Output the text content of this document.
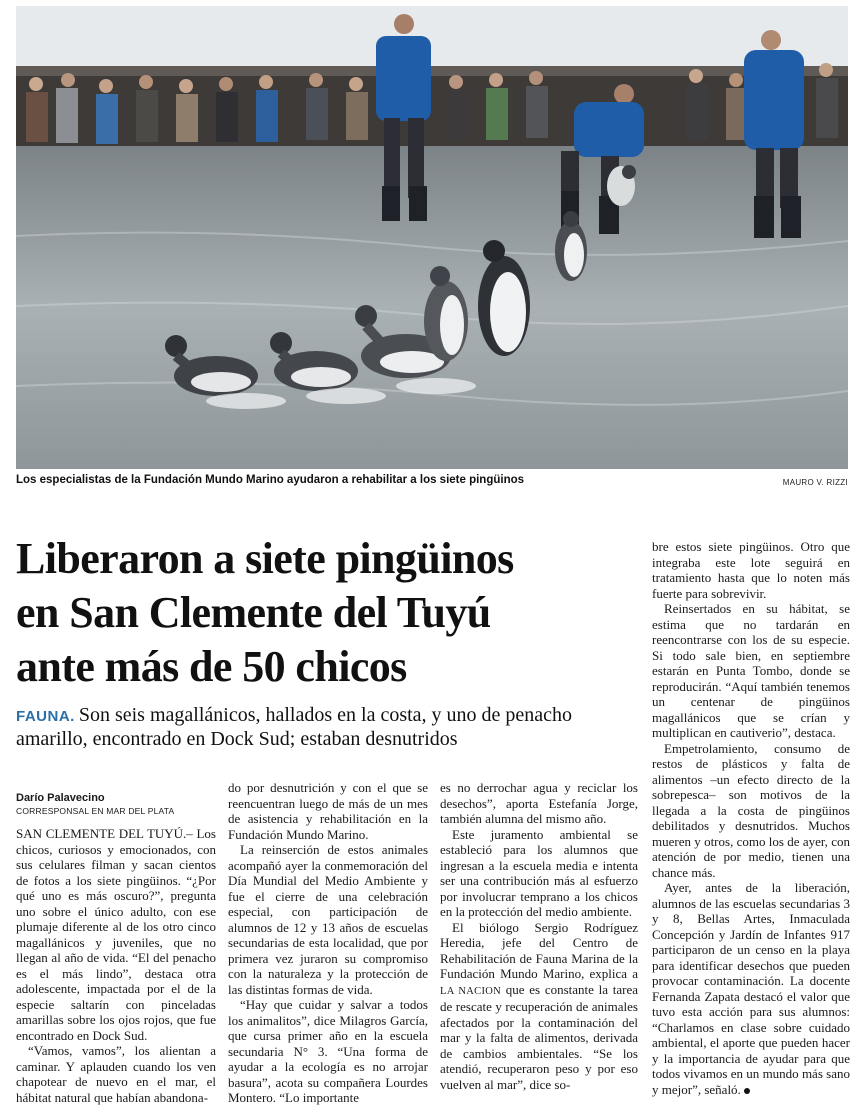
Los especialistas de la Fundación Mundo Marino ayudaron a rehabilitar a los siete pingüinos	MAURO V. RIZZI
Liberaron a siete pingüinos
en San Clemente del Tuyú
ante más de 50 chicos

FAUNA. Son seis magallánicos, hallados en la costa, y uno de penacho amarillo, encontrado en Dock Sud; estaban desnutridos

Darío Palavecino
CORRESPONSAL EN MAR DEL PLATA

SAN CLEMENTE DEL TUYÚ.– Los chicos, curiosos y emocionados, con sus celulares filman y sacan cientos de fotos a los siete pingüinos. “¿Por qué uno es más oscuro?”, pregunta uno sobre el único adulto, con ese plumaje diferente al de los otro cinco magallánicos y juveniles, que no llegan al año de vida. “El del penacho es el más lindo”, destaca otra adolescente, impactada por el de la especie saltarín con pinceladas amarillas sobre los ojos rojos, que fue encontrado en Dock Sud.

“Vamos, vamos”, los alientan a caminar. Y aplauden cuando los ven chapotear de nuevo en el mar, el hábitat natural que habían abandona-

do por desnutrición y con el que se reencuentran luego de más de un mes de asistencia y rehabilitación en la Fundación Mundo Marino.

La reinserción de estos animales acompañó ayer la conmemoración del Día Mundial del Medio Ambiente y fue el cierre de una celebración especial, con participación de alumnos de 12 y 13 años de escuelas secundarias de esta localidad, que por primera vez juraron su compromiso con la naturaleza y la protección de las distintas formas de vida.

“Hay que cuidar y salvar a todos los animalitos”, dice Milagros García, que cursa primer año en la escuela secundaria N° 3. “Una forma de ayudar a la ecología es no arrojar basura”, acota su compañera Lourdes Montero. “Lo importante

es no derrochar agua y reciclar los desechos”, aporta Estefanía Jorge, también alumna del mismo año.

Este juramento ambiental se estableció para los alumnos que ingresan a la escuela media e intenta ser una contribución más al esfuerzo por involucrar temprano a los chicos en la protección del medio ambiente.

El biólogo Sergio Rodríguez Heredia, jefe del Centro de Rehabilitación de Fauna Marina de la Fundación Mundo Marino, explica a LA NACION que es constante la tarea de rescate y recuperación de animales afectados por la contaminación del mar y la falta de alimentos, derivada de cambios ambientales. “Se los atendió, recuperaron peso y por eso vuelven al mar”, dice so-

bre estos siete pingüinos. Otro que integraba este lote seguirá en tratamiento hasta que lo noten más fuerte para sobrevivir.

Reinsertados en su hábitat, se estima que no tardarán en reencontrarse con los de su especie. Si todo sale bien, en septiembre estarán en Punta Tombo, donde se reproducirán. “Aquí también tenemos un centenar de pingüinos magallánicos que se crían y multiplican en cautiverio”, destaca.

Empetrolamiento, consumo de restos de plásticos y falta de alimentos –un efecto directo de la sobrepesca– son motivos de la llegada a la costa de pingüinos debilitados y desnutridos. Muchos mueren y otros, como los de ayer, con atención de por medio, tienen una chance más.

Ayer, antes de la liberación, alumnos de las escuelas secundarias 3 y 8, Bellas Artes, Inmaculada Concepción y Jardín de Infantes 917 participaron de un censo en la playa para identificar desechos que pueden provocar contaminación. La docente Fernanda Zapata destacó el valor que tuvo esta acción para sus alumnos: “Charlamos en clase sobre cuidado ambiental, el aporte que pueden hacer y la importancia de ayudar para que todos vivamos en un mundo más sano y mejor”, señaló.
